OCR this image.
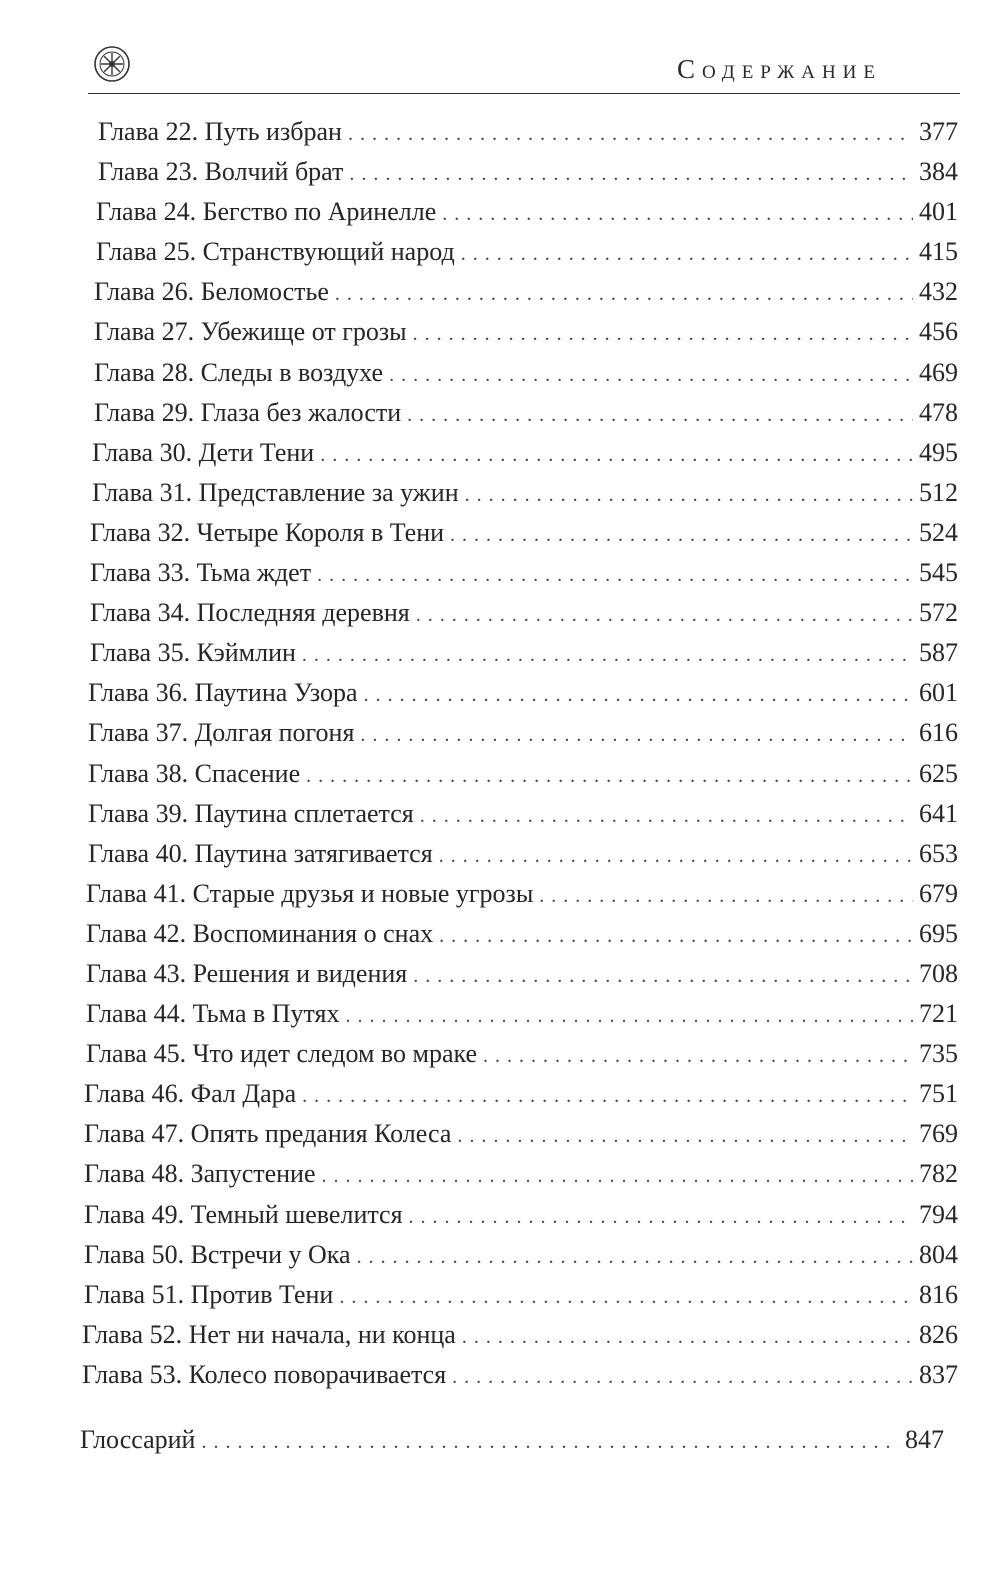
Содержание
Глава 22. Путь избран . . .	377
Глава 23. Волчий брат . . .	384
Глава 24. Бегство по Аринелле . . .	401
Глава 25. Странствующий народ . . .	415
Глава 26. Беломостье . . .	432
Глава 27. Убежище от грозы . . .	456
Глава 28. Следы в воздухе . . .	469
Глава 29. Глаза без жалости . . .	478
Глава 30. Дети Тени . . .	495
Глава 31. Представление за ужин . . .	512
Глава 32. Четыре Короля в Тени . . .	524
Глава 33. Тьма ждет . . .	545
Глава 34. Последняя деревня . . .	572
Глава 35. Кэймлин . . .	587
Глава 36. Паутина Узора . . .	601
Глава 37. Долгая погоня . . .	616
Глава 38. Спасение . . .	625
Глава 39. Паутина сплетается . . .	641
Глава 40. Паутина затягивается . . .	653
Глава 41. Старые друзья и новые угрозы . . .	679
Глава 42. Воспоминания о снах . . .	695
Глава 43. Решения и видения . . .	708
Глава 44. Тьма в Путях . . .	721
Глава 45. Что идет следом во мраке . . .	735
Глава 46. Фал Дара . . .	751
Глава 47. Опять предания Колеса . . .	769
Глава 48. Запустение . . .	782
Глава 49. Темный шевелится . . .	794
Глава 50. Встречи у Ока . . .	804
Глава 51. Против Тени . . .	816
Глава 52. Нет ни начала, ни конца . . .	826
Глава 53. Колесо поворачивается . . .	837
Глоссарий . . .	847
